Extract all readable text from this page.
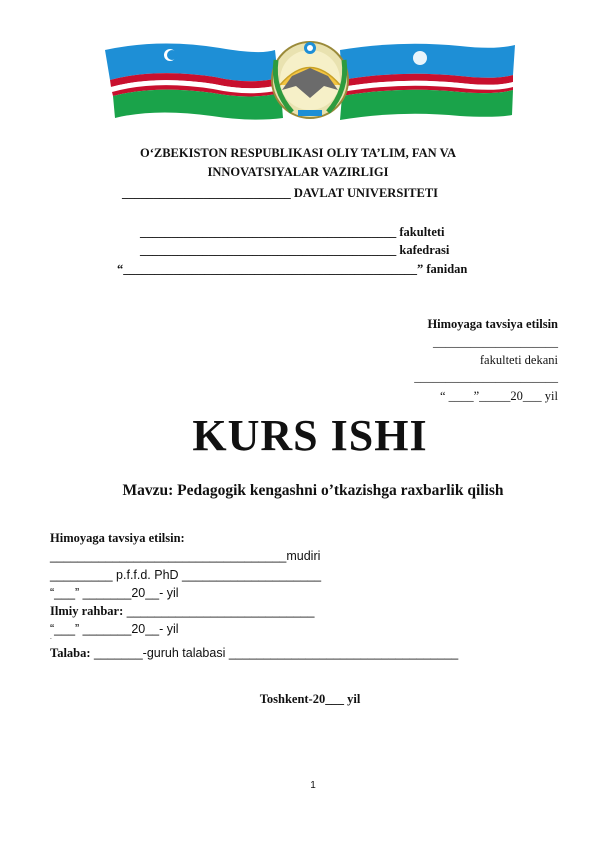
O‘ZBEKISTON RESPUBLIKASI OLIY TA’LIM, FAN VA
INNOVATSIYALAR VAZIRLIGI
___________________________ DAVLAT UNIVERSITETI
_________________________________________ fakulteti
_________________________________________ kafedrasi
“_______________________________________________” fanidan
Himoyaga tavsiya etilsin
____________________
fakulteti dekani
_______________________
“ ____”_____20___ yil
KURS ISHI
Mavzu: Pedagogik kengashni o’tkazishga raxbarlik qilish
Himoyaga tavsiya etilsin:
__________________________________mudiri
_________ p.f.f.d. PhD ____________________
“___” _______20__- yil
Ilmiy rahbar: ___________________________
“___” _______20__- yil
-
Talaba: _______-guruh talabasi _________________________________
Toshkent-20___ yil
1
